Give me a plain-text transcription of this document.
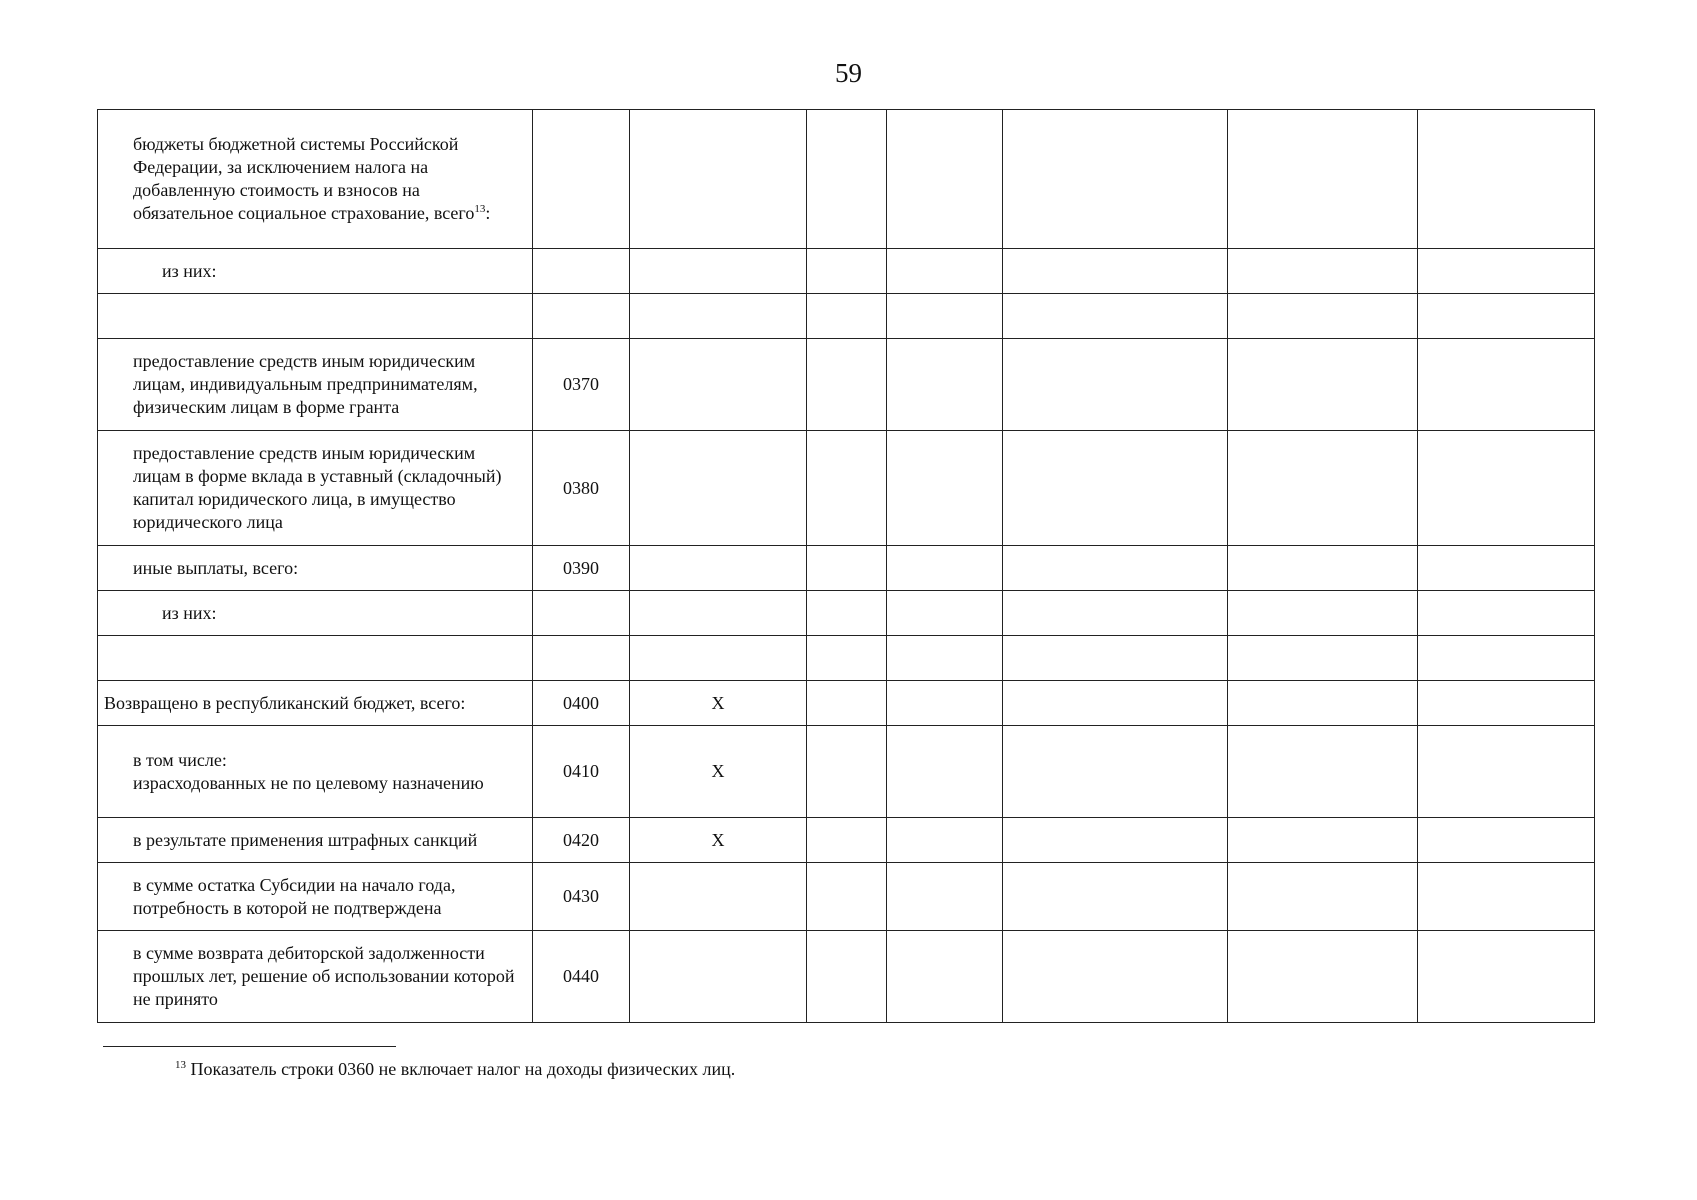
59
бюджеты бюджетной системы Российской Федерации, за исключением налога на добавленную стоимость и взносов на обязательное социальное страхование, всего$^{13}$:							
из них:							

предоставление средств иным юридическим лицам, индивидуальным предпринимателям, физическим лицам в форме гранта	0370						
предоставление средств иным юридическим лицам в форме вклада в уставный (складочный) капитал юридического лица, в имущество юридического лица	0380						
иные выплаты, всего:	0390						
из них:							

Возвращено в республиканский бюджет, всего:	0400	X					

в том числе:
израсходованных не по целевому назначению	0410	X					
в результате применения штрафных санкций	0420	X					
в сумме остатка Субсидии на начало года, потребность в которой не подтверждена	0430						
в сумме возврата дебиторской задолженности прошлых лет, решение об использовании которой не принято	0440						
$^{13}$ Показатель строки 0360 не включает налог на доходы физических лиц.
